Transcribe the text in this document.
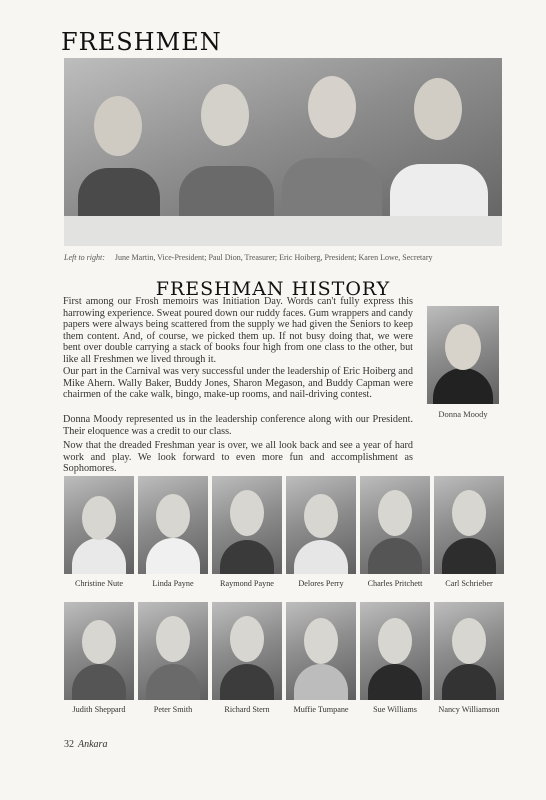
FRESHMEN
Left to right: June Martin, Vice-President; Paul Dion, Treasurer; Eric Hoiberg, President; Karen Lowe, Secretary
FRESHMAN HISTORY

First among our Frosh memoirs was Initiation Day. Words can't fully express this harrowing experience. Sweat poured down our ruddy faces. Gum wrappers and candy papers were always being scattered from the supply we had given the Seniors to keep them content. And, of course, we picked them up. If not busy doing that, we were bent over double carrying a stack of books four high from one class to the other, but like all Freshmen we lived through it.

Our part in the Carnival was very successful under the leadership of Eric Hoiberg and Mike Ahern. Wally Baker, Buddy Jones, Sharon Megason, and Buddy Capman were chairmen of the cake walk, bingo, make-up rooms, and nail-driving contest.

Donna Moody represented us in the leadership conference along with our President. Their eloquence was a credit to our class.

Now that the dreaded Freshman year is over, we all look back and see a year of hard work and play. We look forward to even more fun and accomplishment as Sophomores.

Donna Moody
Christine Nute	Linda Payne	Raymond Payne	Delores Perry	Charles Pritchett	Carl Schrieber
Judith Sheppard	Peter Smith	Richard Stern	Muffie Tumpane	Sue Williams	Nancy Williamson
32 Ankara
